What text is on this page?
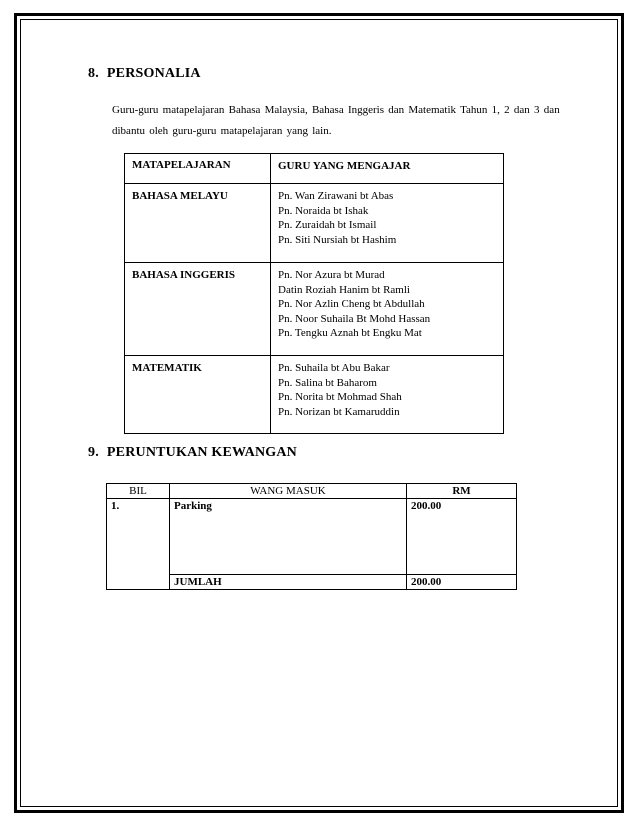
8. PERSONALIA
Guru-guru matapelajaran Bahasa Malaysia, Bahasa Inggeris dan Matematik Tahun 1, 2 dan 3 dan dibantu oleh guru-guru matapelajaran yang lain.
MATAPELAJARAN	GURU YANG MENGAJAR

BAHASA MELAYU	Pn. Wan Zirawani bt Abas
Pn. Noraida bt Ishak
Pn. Zuraidah bt Ismail
Pn. Siti Nursiah bt Hashim

BAHASA INGGERIS	Pn. Nor Azura bt Murad
Datin Roziah Hanim bt Ramli
Pn. Nor Azlin Cheng bt Abdullah
Pn. Noor Suhaila Bt Mohd Hassan
Pn. Tengku Aznah bt Engku Mat

MATEMATIK	Pn. Suhaila bt Abu Bakar
Pn. Salina bt Baharom
Pn. Norita bt Mohmad Shah
Pn. Norizan bt Kamaruddin
9. PERUNTUKAN KEWANGAN
BIL	WANG MASUK	RM
1.	Parking	200.00
	JUMLAH	200.00
